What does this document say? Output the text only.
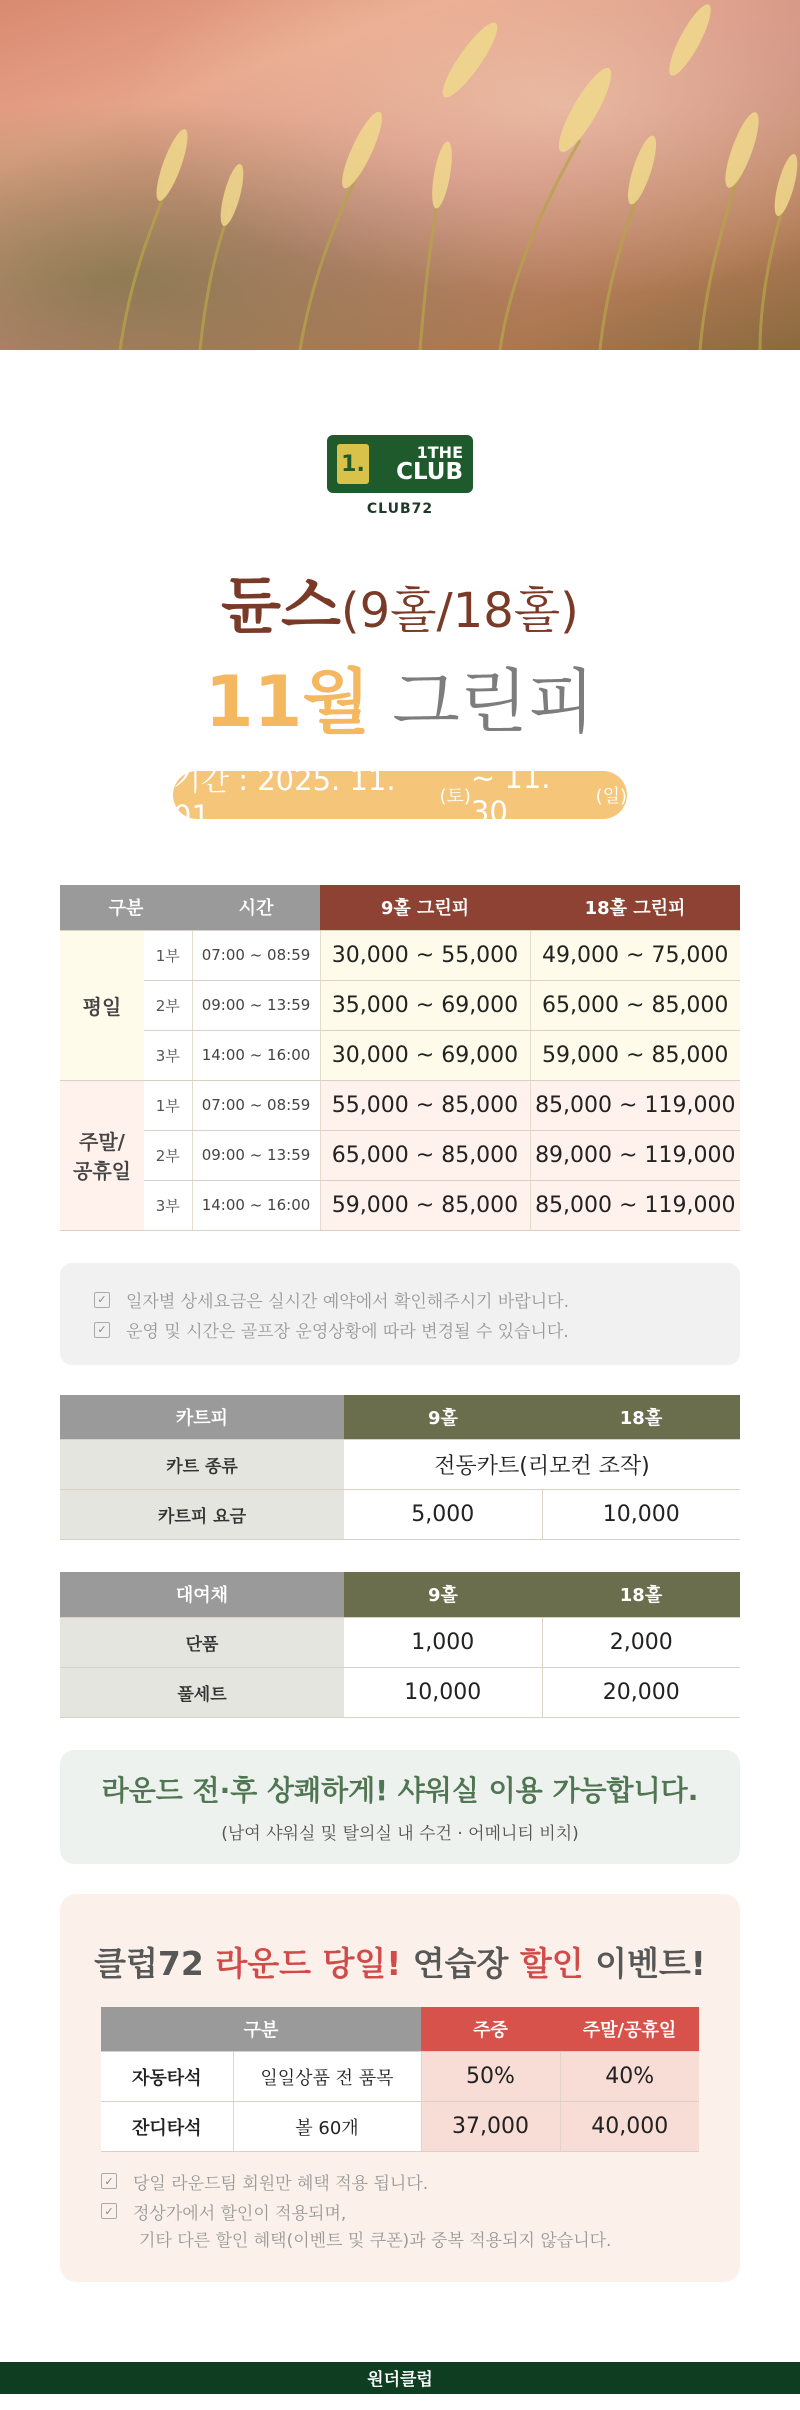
1.	1THE
CLUB
CLUB72
듄스(9홀/18홀)
11월 그린피
기간 : 2025. 11. 01
(토)
~ 11. 30	(일)
구분		시간	9홀 그린피	18홀 그린피
평일	1부	07:00 ~ 08:59	30,000 ~ 55,000	49,000 ~ 75,000
	2부	09:00 ~ 13:59	35,000 ~ 69,000	65,000 ~ 85,000
	3부	14:00 ~ 16:00	30,000 ~ 69,000	59,000 ~ 85,000
주말/
공휴일	1부	07:00 ~ 08:59	55,000 ~ 85,000	85,000 ~ 119,000
	2부	09:00 ~ 13:59	65,000 ~ 85,000	89,000 ~ 119,000
	3부	14:00 ~ 16:00	59,000 ~ 85,000	85,000 ~ 119,000
✓ 일자별 상세요금은 실시간 예약에서 확인해주시기 바랍니다.
✓ 운영 및 시간은 골프장 운영상황에 따라 변경될 수 있습니다.
카트피	9홀	18홀
카트 종류	전동카트(리모컨 조작)	
카트피 요금	5,000	10,000
대여채	9홀	18홀
단품	1,000	2,000
풀세트	10,000	20,000
라운드 전·후 상쾌하게! 샤워실 이용 가능합니다.
(남여 샤워실 및 탈의실 내 수건 · 어메니티 비치)
클럽72 라운드 당일! 연습장 할인 이벤트!
구분		주중	주말/공휴일
자동타석	일일상품 전 품목	50%	40%
잔디타석	볼 60개	37,000	40,000
✓ 당일 라운드팀 회원만 혜택 적용 됩니다.
✓ 정상가에서 할인이 적용되며,
기타 다른 할인 혜택(이벤트 및 쿠폰)과 중복 적용되지 않습니다.
원더클럽
